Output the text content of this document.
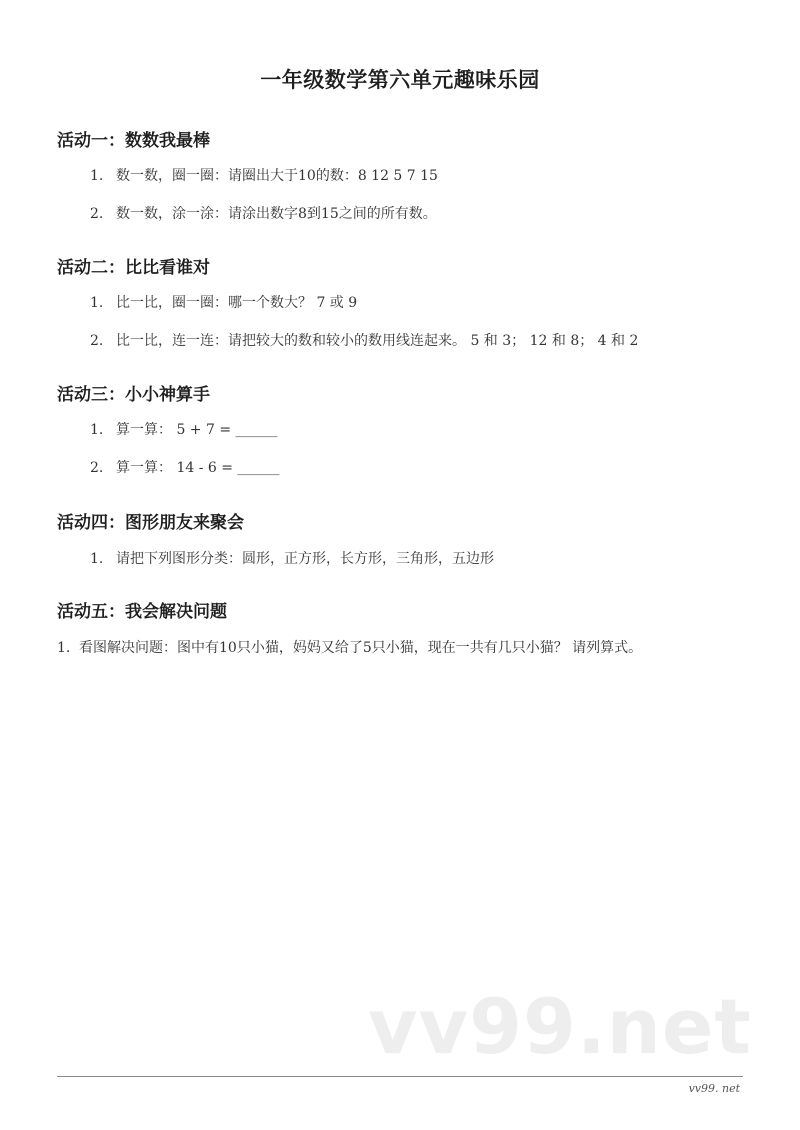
一年级数学第六单元趣味乐园
活动一：数数我最棒
1. 数一数，圈一圈：请圈出大于10的数：8 12 5 7 15
2. 数一数，涂一涂：请涂出数字8到15之间的所有数。
活动二：比比看谁对
1. 比一比，圈一圈：哪一个数大？ 7 或 9
2. 比一比，连一连：请把较大的数和较小的数用线连起来。 5 和 3； 12 和 8； 4 和 2
活动三：小小神算手
1. 算一算： 5 + 7 = ______
2. 算一算： 14 - 6 = ______
活动四：图形朋友来聚会
1. 请把下列图形分类：圆形，正方形，长方形，三角形，五边形
活动五：我会解决问题
1. 看图解决问题：图中有10只小猫，妈妈又给了5只小猫，现在一共有几只小猫？ 请列算式。
vv99.net
vv99. net
